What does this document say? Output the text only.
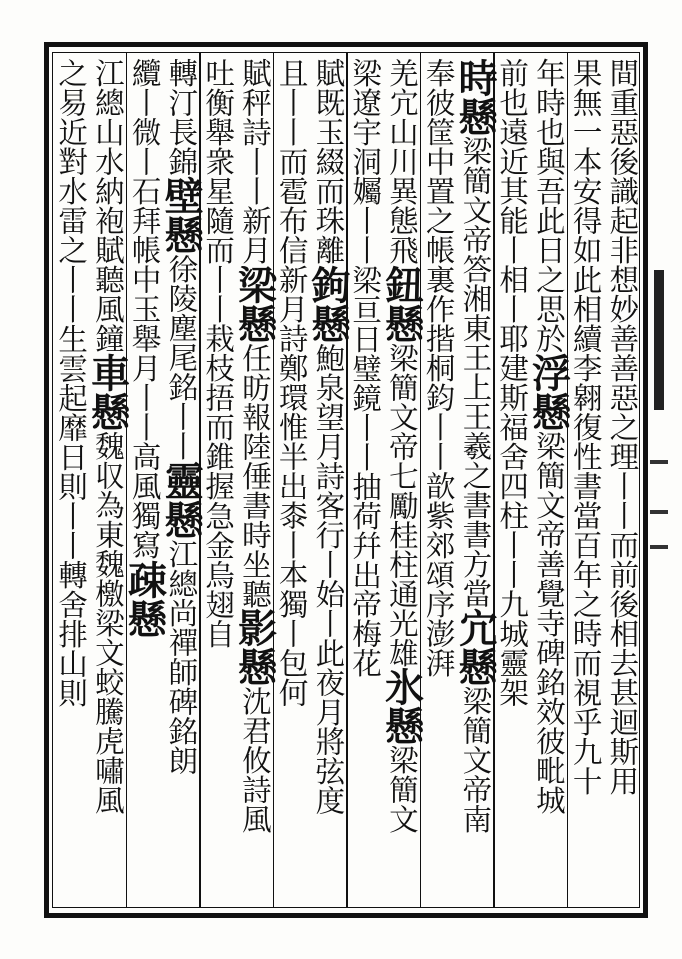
間重惡後識起非想妙善善惡之理丨丨而前後相去甚迴斯用
果無一本安得如此相續李翱復性書當百年之時而視乎九十
年時也與吾此日之思於
浮懸
梁簡文帝善覺寺碑銘效彼毗城
前也遠近其能丨相丨耶
建斯福舍四柱丨丨九城靈架
時懸
梁簡文帝答湘東王上王羲之書書方當
宂懸
梁簡文帝南
奉彼筐中置之帳裏作揩桐鈞丨丨歆紫
郊頌序澎湃
羌宂山川異態飛
鈕懸
梁簡文帝七勵桂柱通光雄
氷懸
梁簡文
梁遼宇洞孎丨丨
梁亘日璧鏡丨丨抽荷幷出
帝梅花
賦既玉綴而珠離
鉤懸
鮑泉望月詩客行丨始丨此夜月將弦度
且丨丨而雹布
信新月詩鄭環惟半出桼丨本獨丨包何
賦秤詩丨丨新月
梁懸
任昉報陸倕書時坐聽
影懸
沈君攸詩風
吐衡舉衆星隨
而丨丨栽枝捂而錐握
急金烏翅自
轉汀長錦
壁懸
徐陵塵尾銘丨丨
靈懸
江總尚禪師碑銘朗
纜丨微丨
石拜帳中玉舉
月丨丨高風獨寫
疎懸
江總山水納袍賦聽風鐘
車懸
魏収為東魏檄梁文蛟騰虎嘯風
之易近對水雷之丨丨
生雲起靡日則丨丨轉舍排山則
